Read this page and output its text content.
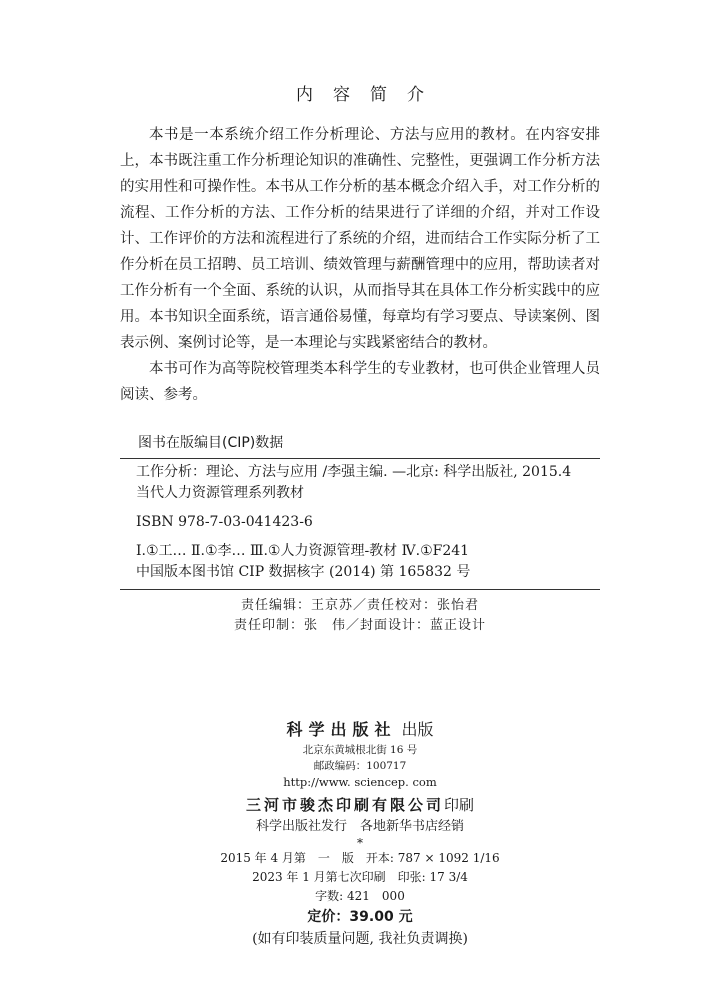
内容简介

本书是一本系统介绍工作分析理论、方法与应用的教材。在内容安排上，本书既注重工作分析理论知识的准确性、完整性，更强调工作分析方法的实用性和可操作性。本书从工作分析的基本概念介绍入手，对工作分析的流程、工作分析的方法、工作分析的结果进行了详细的介绍，并对工作设计、工作评价的方法和流程进行了系统的介绍，进而结合工作实际分析了工作分析在员工招聘、员工培训、绩效管理与薪酬管理中的应用，帮助读者对工作分析有一个全面、系统的认识，从而指导其在具体工作分析实践中的应用。本书知识全面系统，语言通俗易懂，每章均有学习要点、导读案例、图表示例、案例讨论等，是一本理论与实践紧密结合的教材。

本书可作为高等院校管理类本科学生的专业教材，也可供企业管理人员阅读、参考。

图书在版编目(CIP)数据
工作分析：理论、方法与应用 /李强主编. —北京: 科学出版社, 2015.4
当代人力资源管理系列教材
ISBN 978-7-03-041423-6
Ⅰ.①工… Ⅱ.①李… Ⅲ.①人力资源管理-教材 Ⅳ.①F241
中国版本图书馆 CIP 数据核字 (2014) 第 165832 号
责任编辑：王京苏／责任校对：张怡君
责任印制：张　伟／封面设计：蓝正设计
科学出版社 出版
北京东黄城根北街 16 号
邮政编码：100717
http://www. sciencep. com
三河市骏杰印刷有限公司印刷
科学出版社发行　各地新华书店经销
*
2015 年 4 月第　一　版　开本: 787 × 1092 1/16
2023 年 1 月第七次印刷　印张: 17 3/4
字数: 421　000
定价：39.00 元
(如有印装质量问题, 我社负责调换)
